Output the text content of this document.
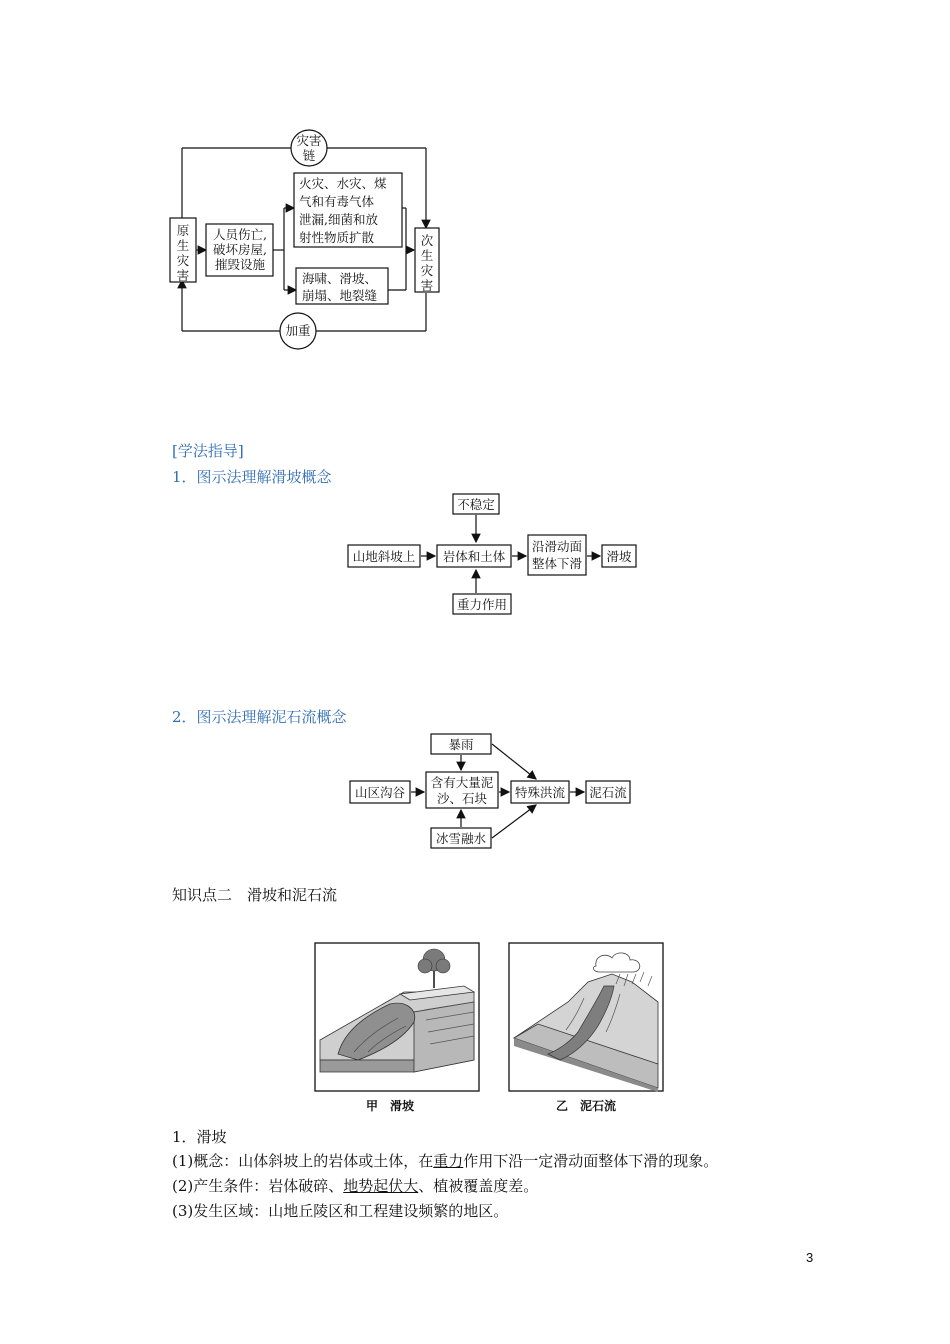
灾害
链
加重
原
生
灾
害
次
生
灾
害
人员伤亡,
破坏房屋,
摧毁设施
火灾、水灾、煤
气和有毒气体
泄漏,细菌和放
射性物质扩散
海啸、滑坡、
崩塌、地裂缝
[学法指导]
1．图示法理解滑坡概念
不稳定
山地斜坡上 岩体和土体
重力作用
沿滑动面
整体下滑 滑坡
2．图示法理解泥石流概念
暴雨
山区沟谷
含有大量泥
沙、石块
冰雪融水
特殊洪流 泥石流
知识点二　滑坡和泥石流
甲　滑坡	乙　泥石流
1．滑坡
(1)概念：山体斜坡上的岩体或土体，在重力作用下沿一定滑动面整体下滑的现象。
(2)产生条件：岩体破碎、地势起伏大、植被覆盖度差。
(3)发生区域：山地丘陵区和工程建设频繁的地区。
3
